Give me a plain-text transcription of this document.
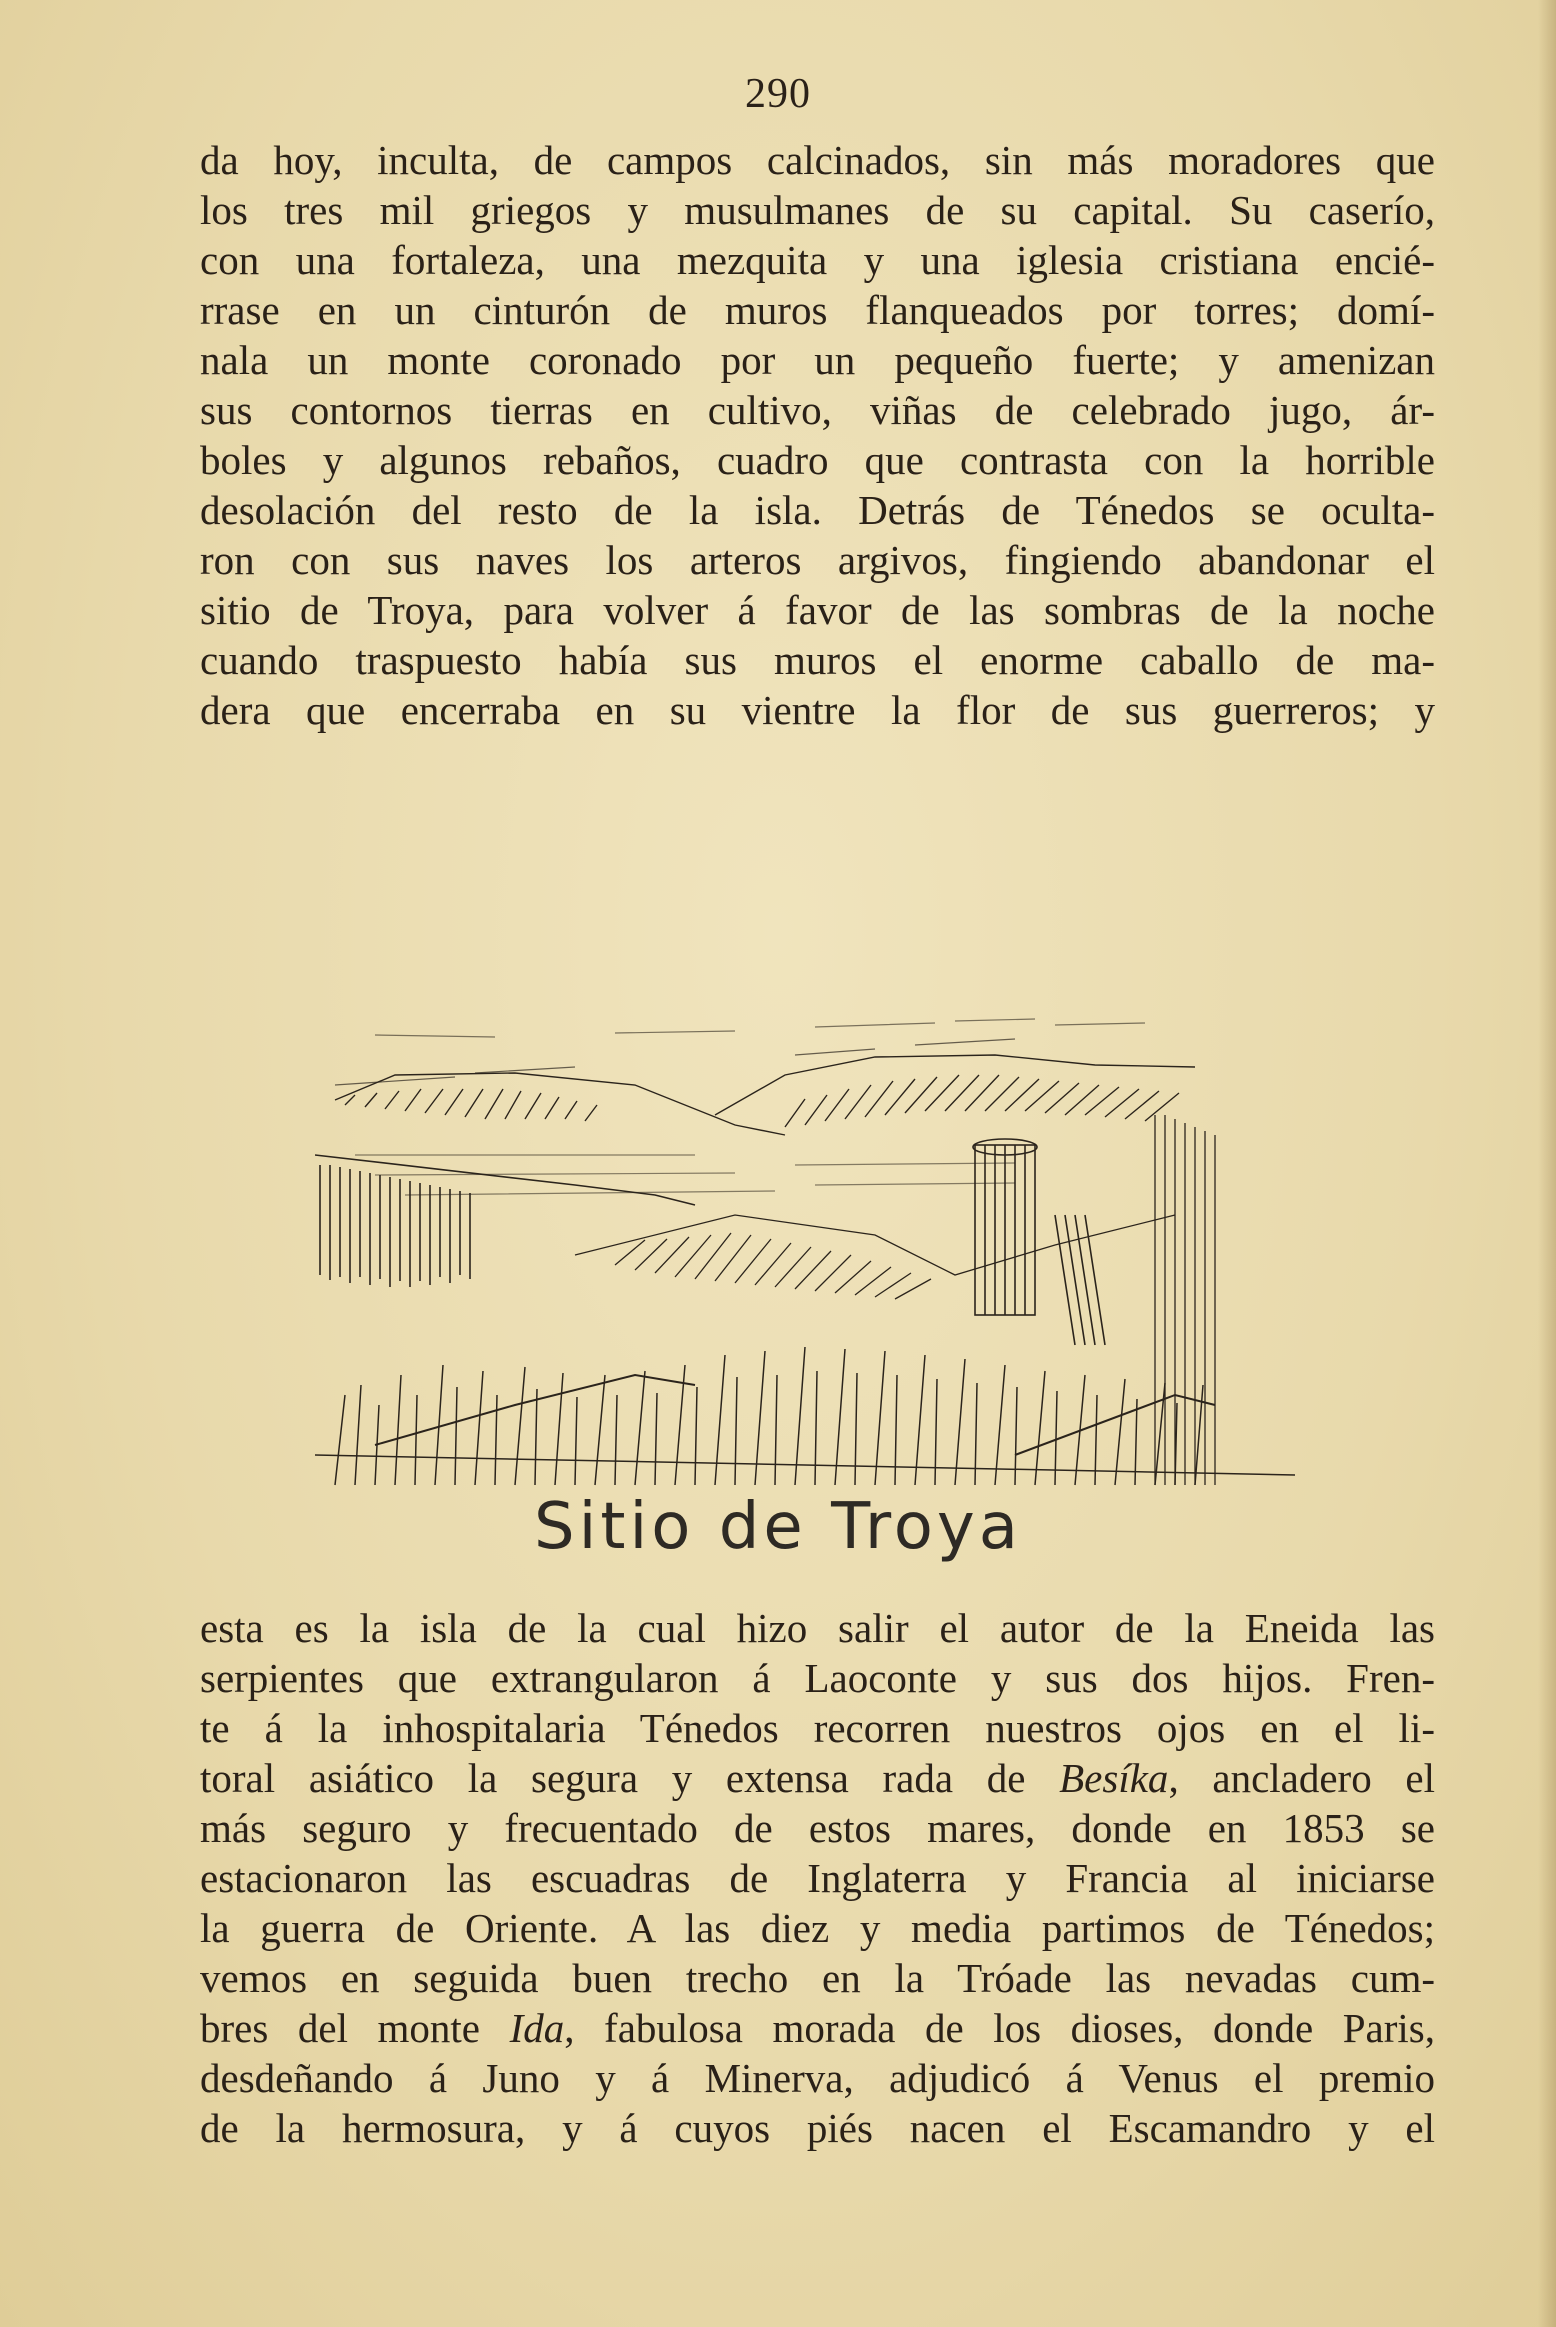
290
da hoy, inculta, de campos calcinados, sin más moradores que
los tres mil griegos y musulmanes de su capital. Su caserío,
con una fortaleza, una mezquita y una iglesia cristiana encié-
rrase en un cinturón de muros flanqueados por torres; domí-
nala un monte coronado por un pequeño fuerte; y amenizan
sus contornos tierras en cultivo, viñas de celebrado jugo, ár-
boles y algunos rebaños, cuadro que contrasta con la horrible
desolación del resto de la isla. Detrás de Ténedos se oculta-
ron con sus naves los arteros argivos, fingiendo abandonar el
sitio de Troya, para volver á favor de las sombras de la noche
cuando traspuesto había sus muros el enorme caballo de ma-
dera que encerraba en su vientre la flor de sus guerreros; y
Sitio de Troya
esta es la isla de la cual hizo salir el autor de la Eneida las
serpientes que extrangularon á Laoconte y sus dos hijos. Fren-
te á la inhospitalaria Ténedos recorren nuestros ojos en el li-
toral asiático la segura y extensa rada de Besíka, ancladero el
más seguro y frecuentado de estos mares, donde en 1853 se
estacionaron las escuadras de Inglaterra y Francia al iniciarse
la guerra de Oriente. A las diez y media partimos de Ténedos;
vemos en seguida buen trecho en la Tróade las nevadas cum-
bres del monte Ida, fabulosa morada de los dioses, donde Paris,
desdeñando á Juno y á Minerva, adjudicó á Venus el premio
de la hermosura, y á cuyos piés nacen el Escamandro y el
